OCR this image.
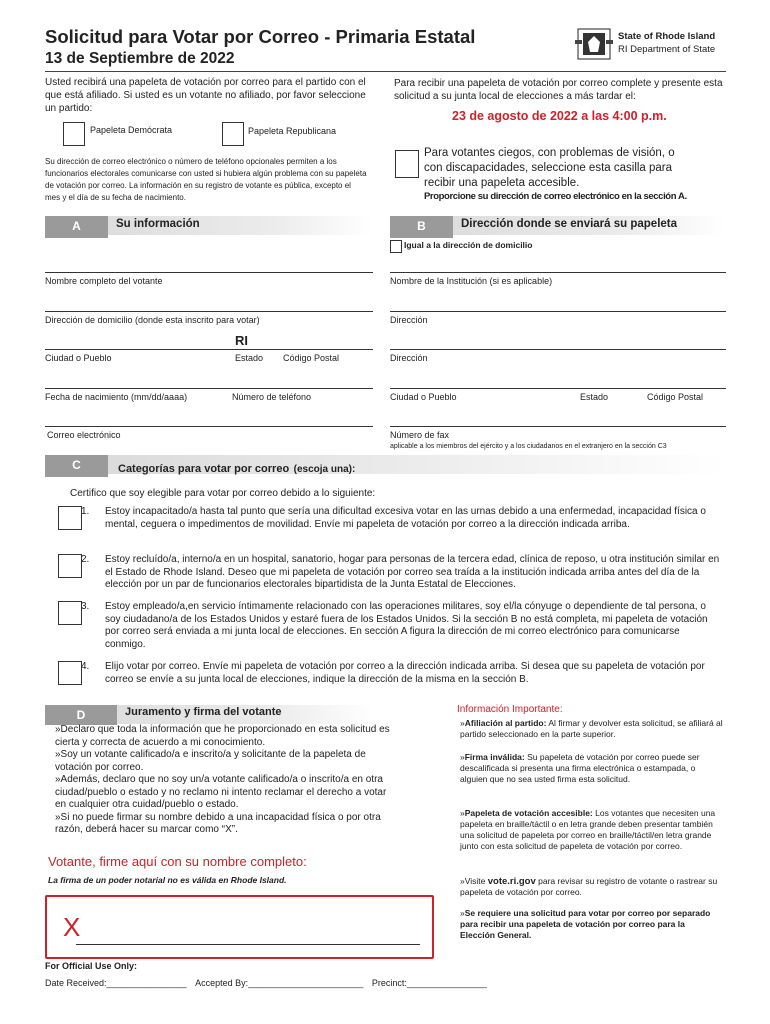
Solicitud para Votar por Correo - Primaria Estatal
13 de Septiembre de 2022
State of Rhode Island
RI Department of State
Usted recibirá una papeleta de votación por correo para el partido con el que está afiliado. Si usted es un votante no afiliado, por favor seleccione un partido:
Papeleta Demócrata	Papeleta Republicana
Su dirección de correo electrónico o número de teléfono opcionales permiten a los funcionarios electorales comunicarse con usted si hubiera algún problema con su papeleta de votación por correo. La información en su registro de votante es pública, excepto el mes y el día de su fecha de nacimiento.
Para recibir una papeleta de votación por correo complete y presente esta solicitud a su junta local de elecciones a más tardar el:
23 de agosto de 2022 a las 4:00 p.m.
Para votantes ciegos, con problemas de visión, o con discapacidades, seleccione esta casilla para recibir una papeleta accesible.
Proporcione su dirección de correo electrónico en la sección A.
A	Su información	B	Dirección donde se enviará su papeleta
Igual a la dirección de domicilio
Nombre completo del votante
Dirección de domicilio (donde esta inscrito para votar)
RI
Ciudad o Pueblo	Estado Código Postal
Fecha de nacimiento (mm/dd/aaaa)	Número de teléfono
Correo electrónico
Nombre de la Institución (si es aplicable)
Dirección
Dirección
Ciudad o Pueblo	Estado	Código Postal
Número de fax
aplicable a los miembros del ejército y a los ciudadanos en el extranjero en la sección C3
C	Categorías para votar por correo (escoja una):
Certifico que soy elegible para votar por correo debido a lo siguiente:
1. Estoy incapacitado/a hasta tal punto que sería una dificultad excesiva votar en las urnas debido a una enfermedad, incapacidad física o mental, ceguera o impedimentos de movilidad. Envíe mi papeleta de votación por correo a la dirección indicada arriba.
2. Estoy recluído/a, interno/a en un hospital, sanatorio, hogar para personas de la tercera edad, clínica de reposo, u otra institución similar en el Estado de Rhode Island. Deseo que mi papeleta de votación por correo sea traída a la institución indicada arriba antes del día de la elección por un par de funcionarios electorales bipartidista de la Junta Estatal de Elecciones.
3. Estoy empleado/a,en servicio íntimamente relacionado con las operaciones militares, soy el/la cónyuge o dependiente de tal persona, o soy ciudadano/a de los Estados Unidos y estaré fuera de los Estados Unidos. Si la sección B no está completa, mi papeleta de votación por correo será enviada a mi junta local de elecciones. En sección A figura la dirección de mi correo electrónico para comunicarse conmigo.
4. Elijo votar por correo. Envíe mi papeleta de votación por correo a la dirección indicada arriba. Si desea que su papeleta de votación por correo se envíe a su junta local de elecciones, indique la dirección de la misma en la sección B.
D	Juramento y firma del votante
»Declaro que toda la información que he proporcionado en esta solicitud es cierta y correcta de acuerdo a mi conocimiento.
»Soy un votante calificado/a e inscrito/a y solicitante de la papeleta de votación por correo.
»Además, declaro que no soy un/a votante calificado/a o inscrito/a en otra ciudad/pueblo o estado y no reclamo ni intento reclamar el derecho a votar en cualquier otra cuidad/pueblo o estado.
»Si no puede firmar su nombre debido a una incapacidad física o por otra razón, deberá hacer su marcar como “X”.
Votante, firme aquí con su nombre completo:
La firma de un poder notarial no es válida en Rhode Island.
X
Información Importante:
»Afiliación al partido: Al firmar y devolver esta solicitud, se afiliará al partido seleccionado en la parte superior.
»Firma inválida: Su papeleta de votación por correo puede ser descalificada si presenta una firma electrónica o estampada, o alguien que no sea usted firma esta solicitud.
»Papeleta de votación accesible: Los votantes que necesiten una papeleta en braille/táctil o en letra grande deben presentar también una solicitud de papeleta por correo en braille/táctil/en letra grande junto con esta solicitud de papeleta de votación por correo.
»Visite vote.ri.gov para revisar su registro de votante o rastrear su papeleta de votación por correo.
»Se requiere una solicitud para votar por correo por separado para recibir una papeleta de votación por correo para la Elección General.
For Official Use Only:
Date Received:________________ Accepted By:_______________________ Precinct:________________
